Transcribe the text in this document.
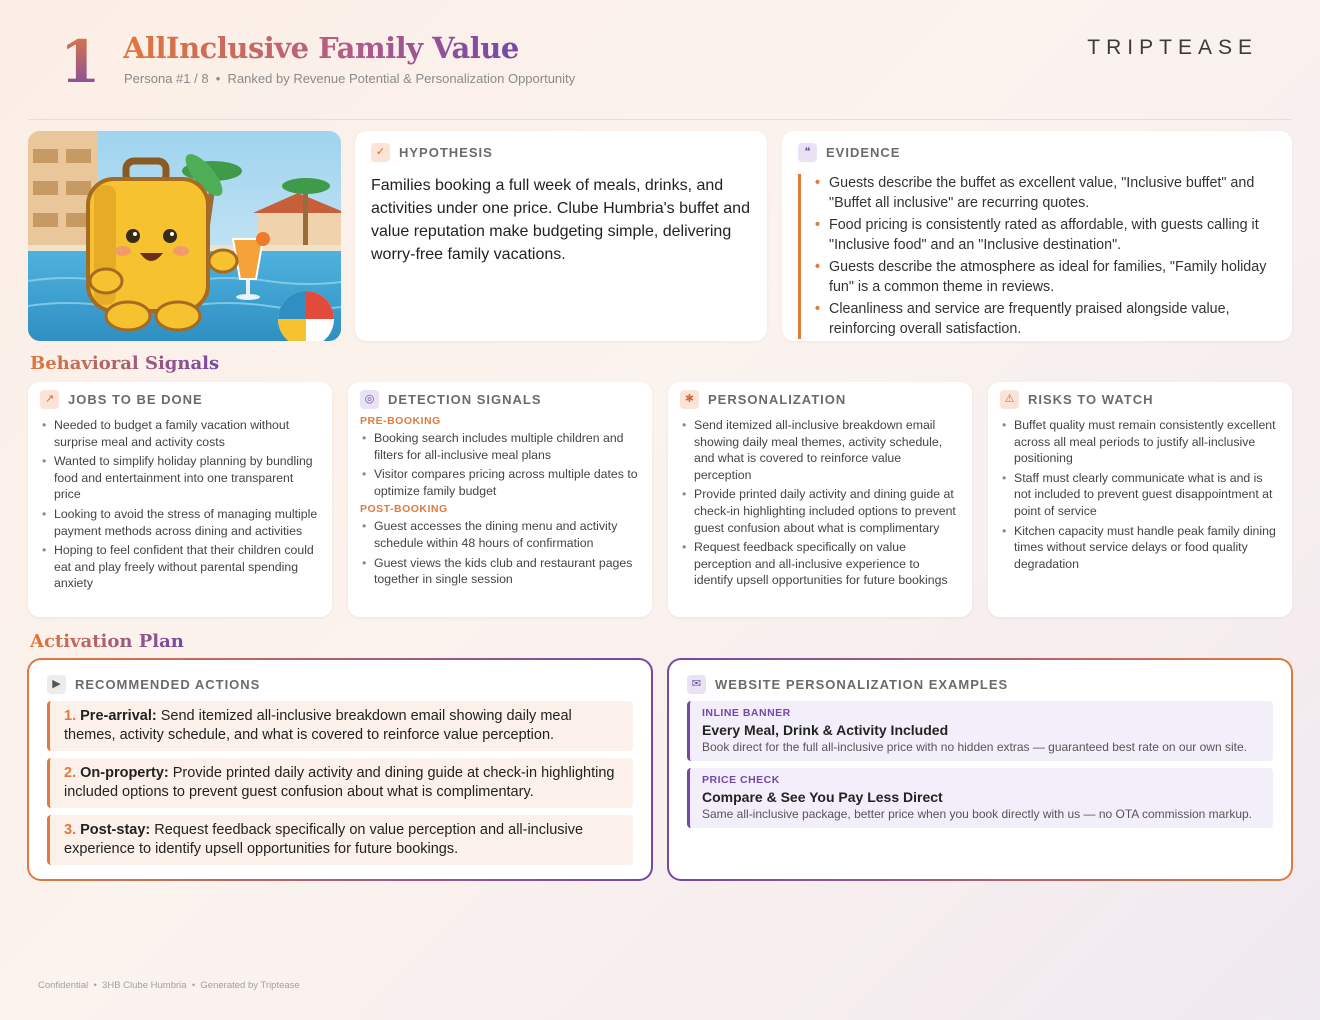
1 AllInclusive Family Value
Persona #1 / 8  •  Ranked by Revenue Potential & Personalization Opportunity
TRIPTEASE
✓	HYPOTHESIS

Families booking a full week of meals, drinks, and activities under one price. Clube Humbria's buffet and value reputation make budgeting simple, delivering worry-free family vacations.

❝	EVIDENCE
• Guests describe the buffet as excellent value, "Inclusive buffet" and "Buffet all inclusive" are recurring quotes.
• Food pricing is consistently rated as affordable, with guests calling it "Inclusive food" and an "Inclusive destination".
• Guests describe the atmosphere as ideal for families, "Family holiday fun" is a common theme in reviews.
• Cleanliness and service are frequently praised alongside value, reinforcing overall satisfaction.
Behavioral Signals
↗	JOBS TO BE DONE
• Needed to budget a family vacation without surprise meal and activity costs
• Wanted to simplify holiday planning by bundling food and entertainment into one transparent price
• Looking to avoid the stress of managing multiple payment methods across dining and activities
• Hoping to feel confident that their children could eat and play freely without parental spending anxiety
◎	DETECTION SIGNALS
PRE-BOOKING
• Booking search includes multiple children and filters for all-inclusive meal plans
• Visitor compares pricing across multiple dates to optimize family budget
POST-BOOKING
• Guest accesses the dining menu and activity schedule within 48 hours of confirmation
• Guest views the kids club and restaurant pages together in single session
✱	PERSONALIZATION
• Send itemized all-inclusive breakdown email showing daily meal themes, activity schedule, and what is covered to reinforce value perception
• Provide printed daily activity and dining guide at check-in highlighting included options to prevent guest confusion about what is complimentary
• Request feedback specifically on value perception and all-inclusive experience to identify upsell opportunities for future bookings
⚠	RISKS TO WATCH
• Buffet quality must remain consistently excellent across all meal periods to justify all-inclusive positioning
• Staff must clearly communicate what is and is not included to prevent guest disappointment at point of service
• Kitchen capacity must handle peak family dining times without service delays or food quality degradation
Activation Plan
▶	RECOMMENDED ACTIONS
1. Pre-arrival: Send itemized all-inclusive breakdown email showing daily meal themes, activity schedule, and what is covered to reinforce value perception.
2. On-property: Provide printed daily activity and dining guide at check-in highlighting included options to prevent guest confusion about what is complimentary.
3. Post-stay: Request feedback specifically on value perception and all-inclusive experience to identify upsell opportunities for future bookings.
✉	WEBSITE PERSONALIZATION EXAMPLES
INLINE BANNER
Every Meal, Drink & Activity Included
Book direct for the full all-inclusive price with no hidden extras — guaranteed best rate on our own site.
PRICE CHECK
Compare & See You Pay Less Direct
Same all-inclusive package, better price when you book directly with us — no OTA commission markup.
Confidential  •  3HB Clube Humbria  •  Generated by Triptease
